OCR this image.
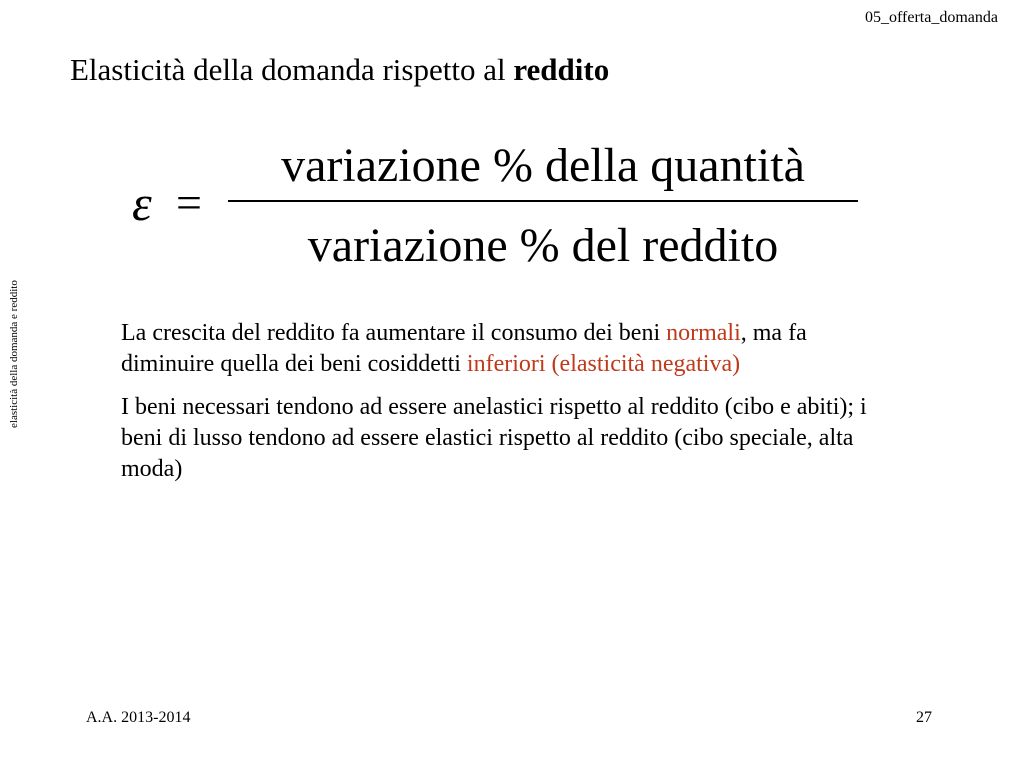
05_offerta_domanda
elasticità della domanda e reddito
Elasticità della domanda rispetto al reddito
ε =
variazione % della quantità
variazione % del reddito

La crescita del reddito fa aumentare il consumo dei beni normali, ma fa diminuire quella dei beni cosiddetti inferiori (elasticità negativa)

I beni necessari tendono ad essere anelastici rispetto al reddito (cibo e abiti); i beni di lusso tendono ad essere elastici rispetto al reddito (cibo speciale, alta moda)

A.A. 2013-2014	27
